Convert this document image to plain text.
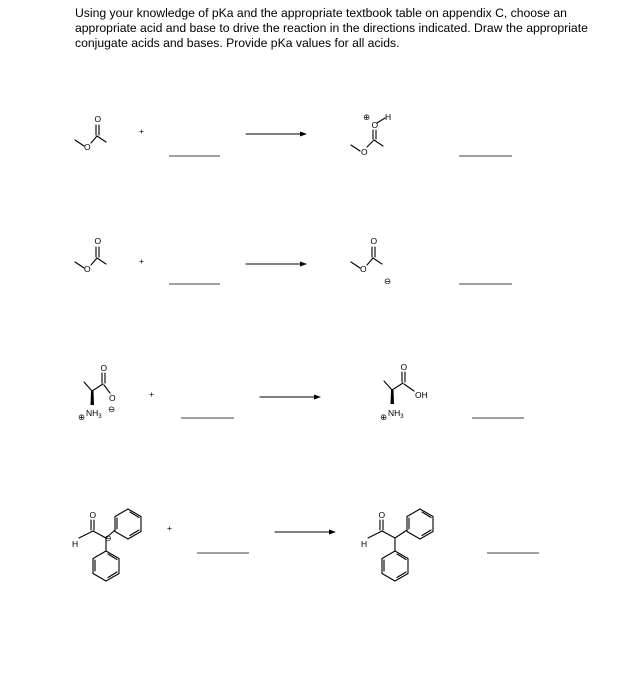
Using your knowledge of pKa and the appropriate textbook table on appendix C, choose an appropriate acid and base to drive the reaction in the directions indicated. Draw the appropriate conjugate acids and bases. Provide pKa values for all acids.

O
O
+
O
O
H
⊕
O
O
+
O
O
⊖
O
O
⊖
⊕ $NH_3$
+
O
OH
⊕ $NH_3$
O
H
⊖
+
O
H
